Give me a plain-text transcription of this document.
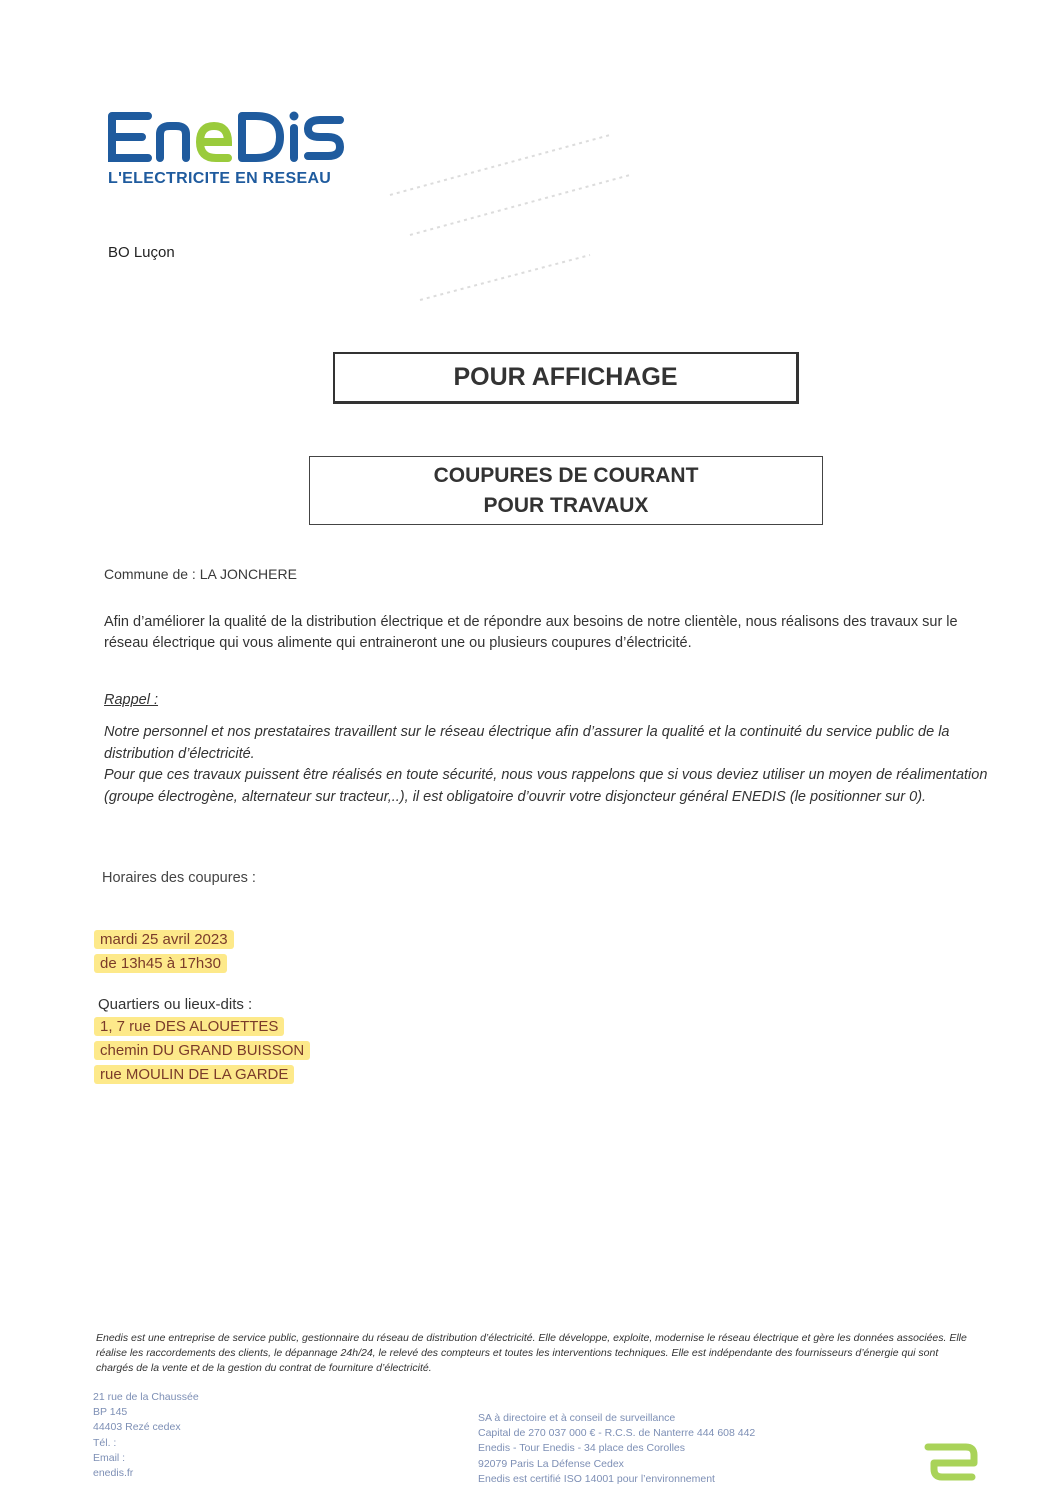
L'ELECTRICITE EN RESEAU
BO Luçon
POUR AFFICHAGE
COUPURES DE COURANT
POUR TRAVAUX
Commune de : LA JONCHERE
Afin d’améliorer la qualité de la distribution électrique et de répondre aux besoins de notre clientèle, nous réalisons des travaux sur le réseau électrique qui vous alimente qui entraineront une ou plusieurs coupures d’électricité.
Rappel :
Notre personnel et nos prestataires travaillent sur le réseau électrique afin d’assurer la qualité et la continuité du service public de la distribution d’électricité.
Pour que ces travaux puissent être réalisés en toute sécurité, nous vous rappelons que si vous deviez utiliser un moyen de réalimentation (groupe électrogène, alternateur sur tracteur,..), il est obligatoire d’ouvrir votre disjoncteur général ENEDIS (le positionner sur 0).
Horaires des coupures :
mardi 25 avril 2023
de 13h45 à 17h30
Quartiers ou lieux-dits :
1, 7 rue DES ALOUETTES
chemin DU GRAND BUISSON
rue MOULIN DE LA GARDE
Enedis est une entreprise de service public, gestionnaire du réseau de distribution d’électricité. Elle développe, exploite, modernise le réseau électrique et gère les données associées. Elle réalise les raccordements des clients, le dépannage 24h/24, le relevé des compteurs et toutes les interventions techniques. Elle est indépendante des fournisseurs d’énergie qui sont chargés de la vente et de la gestion du contrat de fourniture d’électricité.
21 rue de la Chaussée
BP 145
44403 Rezé cedex
Tél. :
Email :
enedis.fr
SA à directoire et à conseil de surveillance
Capital de 270 037 000 € - R.C.S. de Nanterre 444 608 442
Enedis - Tour Enedis - 34 place des Corolles
92079 Paris La Défense Cedex
Enedis est certifié ISO 14001 pour l’environnement
